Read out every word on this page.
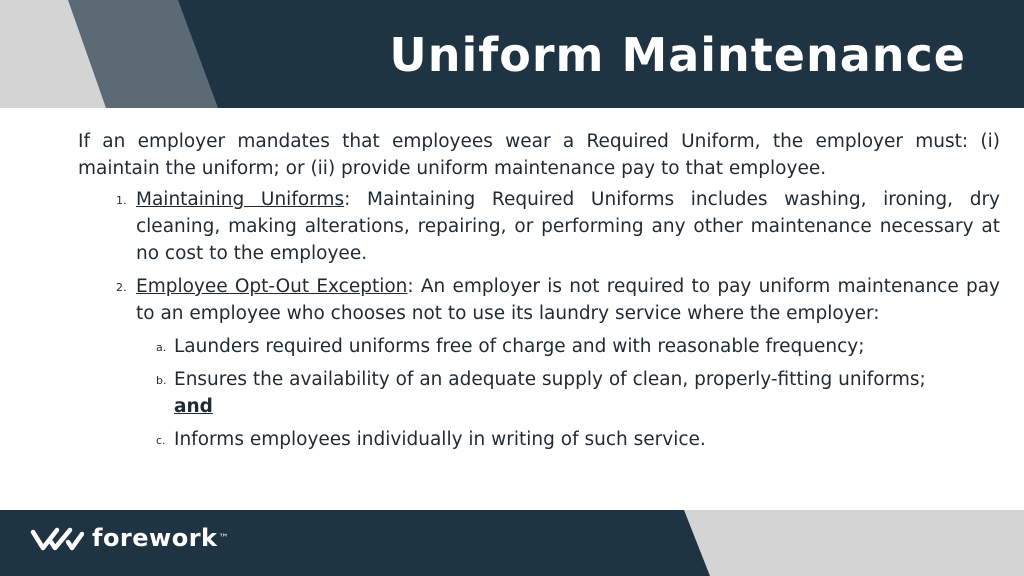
Uniform Maintenance

If an employer mandates that employees wear a Required Uniform, the employer must: (i) maintain the uniform; or (ii) provide uniform maintenance pay to that employee.

1. Maintaining Uniforms: Maintaining Required Uniforms includes washing, ironing, dry cleaning, making alterations, repairing, or performing any other maintenance necessary at no cost to the employee.
2. Employee Opt-Out Exception: An employer is not required to pay uniform maintenance pay to an employee who chooses not to use its laundry service where the employer:
a. Launders required uniforms free of charge and with reasonable frequency;
b. Ensures the availability of an adequate supply of clean, properly-fitting uniforms;
and
c. Informs employees individually in writing of such service.
forework ™
